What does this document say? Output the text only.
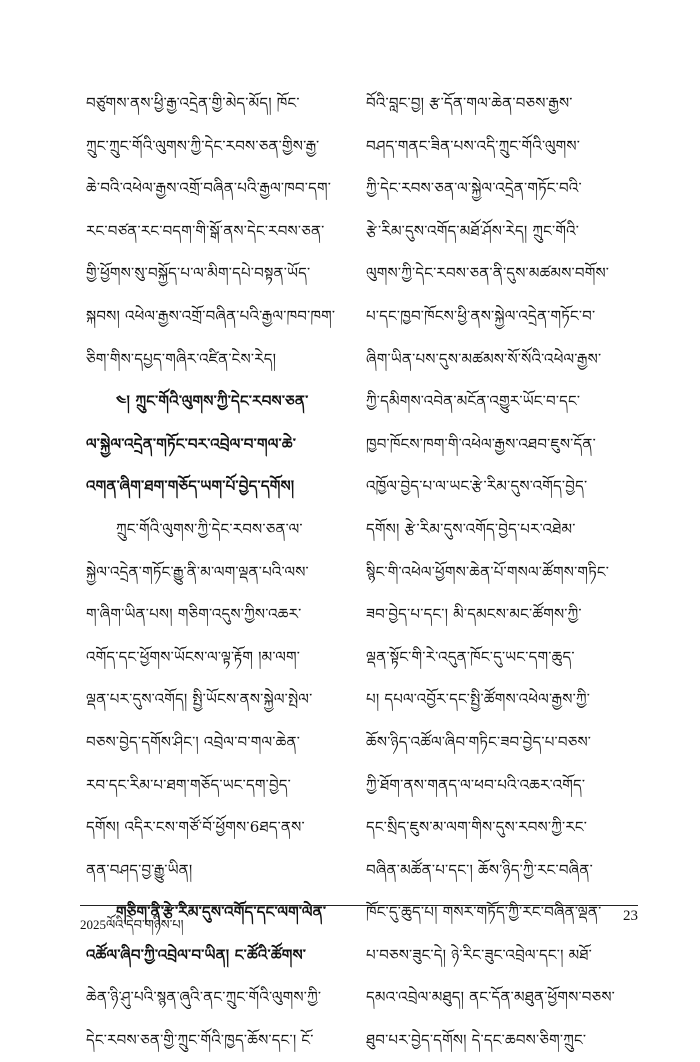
བཙུགས་ནས་ཕྱི་རྒྱ་འདྲེན་གྱི་མེད་མོད། ཁོང་
ཀྲུང་ཀྲུང་གོའི་ལུགས་ཀྱི་དེང་རབས་ཅན་གྱིས་རྒྱ་
ཆེ་བའི་འཕེལ་རྒྱས་འགྲོ་བཞིན་པའི་རྒྱལ་ཁབ་དག་
རང་བཙན་རང་བདག་གི་སྒོ་ནས་དེང་རབས་ཅན་
གྱི་ཕྱོགས་སུ་བསྐྱོད་པ་ལ་མིག་དཔེ་བསྟན་ཡོད་
སྐབས། འཕེལ་རྒྱས་འགྲོ་བཞིན་པའི་རྒྱལ་ཁབ་ཁག་
ཅིག་གིས་དཔྱད་གཞིར་འཛིན་ངེས་རེད།
༤། ཀྲུང་གོའི་ལུགས་ཀྱི་དེང་རབས་ཅན་
ལ་སྐྱེལ་འདྲེན་གཏོང་བར་འབྲེལ་བ་གལ་ཆེ་
འགན་ཞིག་ཐག་གཅོད་ཡག་པོ་བྱེད་དགོས།
ཀྲུང་གོའི་ལུགས་ཀྱི་དེང་རབས་ཅན་ལ་
སྐྱེལ་འདྲེན་གཏོང་རྒྱུ་ནི་མ་ལག་ལྡན་པའི་ལས་
ག་ཞིག་ཡིན་པས། གཅིག་འདུས་ཀྱིས་འཆར་
འགོད་དང་ཕྱོགས་ཡོངས་ལ་ལྟ་རྟོག །མ་ལག་
ལྡན་པར་དུས་འགོད། སྤྱི་ཡོངས་ནས་སྐྱེལ་སྤེལ་
བཅས་བྱེད་དགོས་ཤིང་། འབྲེལ་བ་གལ་ཆེན་
རབ་དང་རིམ་པ་ཐག་གཅོད་ཡང་དག་བྱེད་
དགོས། འདིར་ངས་གཙོ་བོ་ཕྱོགས་6ཐད་ནས་
ནན་བཤད་བྱ་རྒྱུ་ཡིན།
གཅིག་ནི་རྩེ་རིམ་དུས་འགོད་དང་ལག་ལེན་
འཚོལ་ཞིབ་ཀྱི་འབྲེལ་བ་ཡིན། ང་ཚོའི་ཚོགས་
ཆེན་ཉི་ཤུ་པའི་སྙན་ཞུའི་ནང་ཀྲུང་གོའི་ལུགས་ཀྱི་
དེང་རབས་ཅན་གྱི་ཀྲུང་གོའི་ཁྱད་ཆོས་དང་། ངོ་
བོའི་བླང་བྱ། རྩ་དོན་གལ་ཆེན་བཅས་རྒྱས་
བཤད་གནང་ཟིན་པས་འདི་ཀྲུང་གོའི་ལུགས་
ཀྱི་དེང་རབས་ཅན་ལ་སྐྱེལ་འདྲེན་གཏོང་བའི་
རྩེ་རིམ་དུས་འགོད་མཐོ་ཤོས་རེད། ཀྲུང་གོའི་
ལུགས་ཀྱི་དེང་རབས་ཅན་ནི་དུས་མཚམས་བགོས་
པ་དང་ཁྱབ་ཁོངས་ཕྱི་ནས་སྐྱེལ་འདྲེན་གཏོང་བ་
ཞིག་ཡིན་པས་དུས་མཚམས་སོ་སོའི་འཕེལ་རྒྱས་
ཀྱི་དམིགས་འབེན་མངོན་འགྱུར་ཡོང་བ་དང་
ཁྱབ་ཁོངས་ཁག་གི་འཕེལ་རྒྱས་འཐབ་ཇུས་དོན་
འཁྱོལ་བྱེད་པ་ལ་ཡང་རྩེ་རིམ་དུས་འགོད་བྱེད་
དགོས། རྩེ་རིམ་དུས་འགོད་བྱེད་པར་འཐེམ་
སྙིང་གི་འཕེལ་ཕྱོགས་ཆེན་པོ་གསལ་ཚོགས་གཏིང་
ཟབ་བྱེད་པ་དང་། མི་དམངས་མང་ཚོགས་ཀྱི་
ལྡན་སྟོང་གི་རེ་འདུན་ཁོང་དུ་ཡང་དག་ཆུད་
པ། དཔལ་འབྱོར་དང་སྤྱི་ཚོགས་འཕེལ་རྒྱས་ཀྱི་
ཆོས་ཉིད་འཚོལ་ཞིབ་གཏིང་ཟབ་བྱེད་པ་བཅས་
ཀྱི་ཐོག་ནས་གནད་ལ་ཕབ་པའི་འཆར་འགོད་
དང་སྲིད་ཇུས་མ་ལག་གིས་དུས་རབས་ཀྱི་རང་
བཞིན་མཚོན་པ་དང་། ཆོས་ཉིད་ཀྱི་རང་བཞིན་
ཁོང་དུ་ཆུད་པ། གསར་གཏོད་ཀྱི་རང་བཞིན་ལྡན་
པ་བཅས་ཟུང་དེ། ཉེ་རིང་ཟུང་འབྲེལ་དང་། མཐོ་
དམའ་འབྲེལ་མཐུད། ནང་དོན་མཐུན་ཕྱོགས་བཅས་
ཐུབ་པར་བྱེད་དགོས། དེ་དང་ཆབས་ཅིག་ཀྲུང་
2025ལོའི་དེབ་གཉིས་པ།
23
